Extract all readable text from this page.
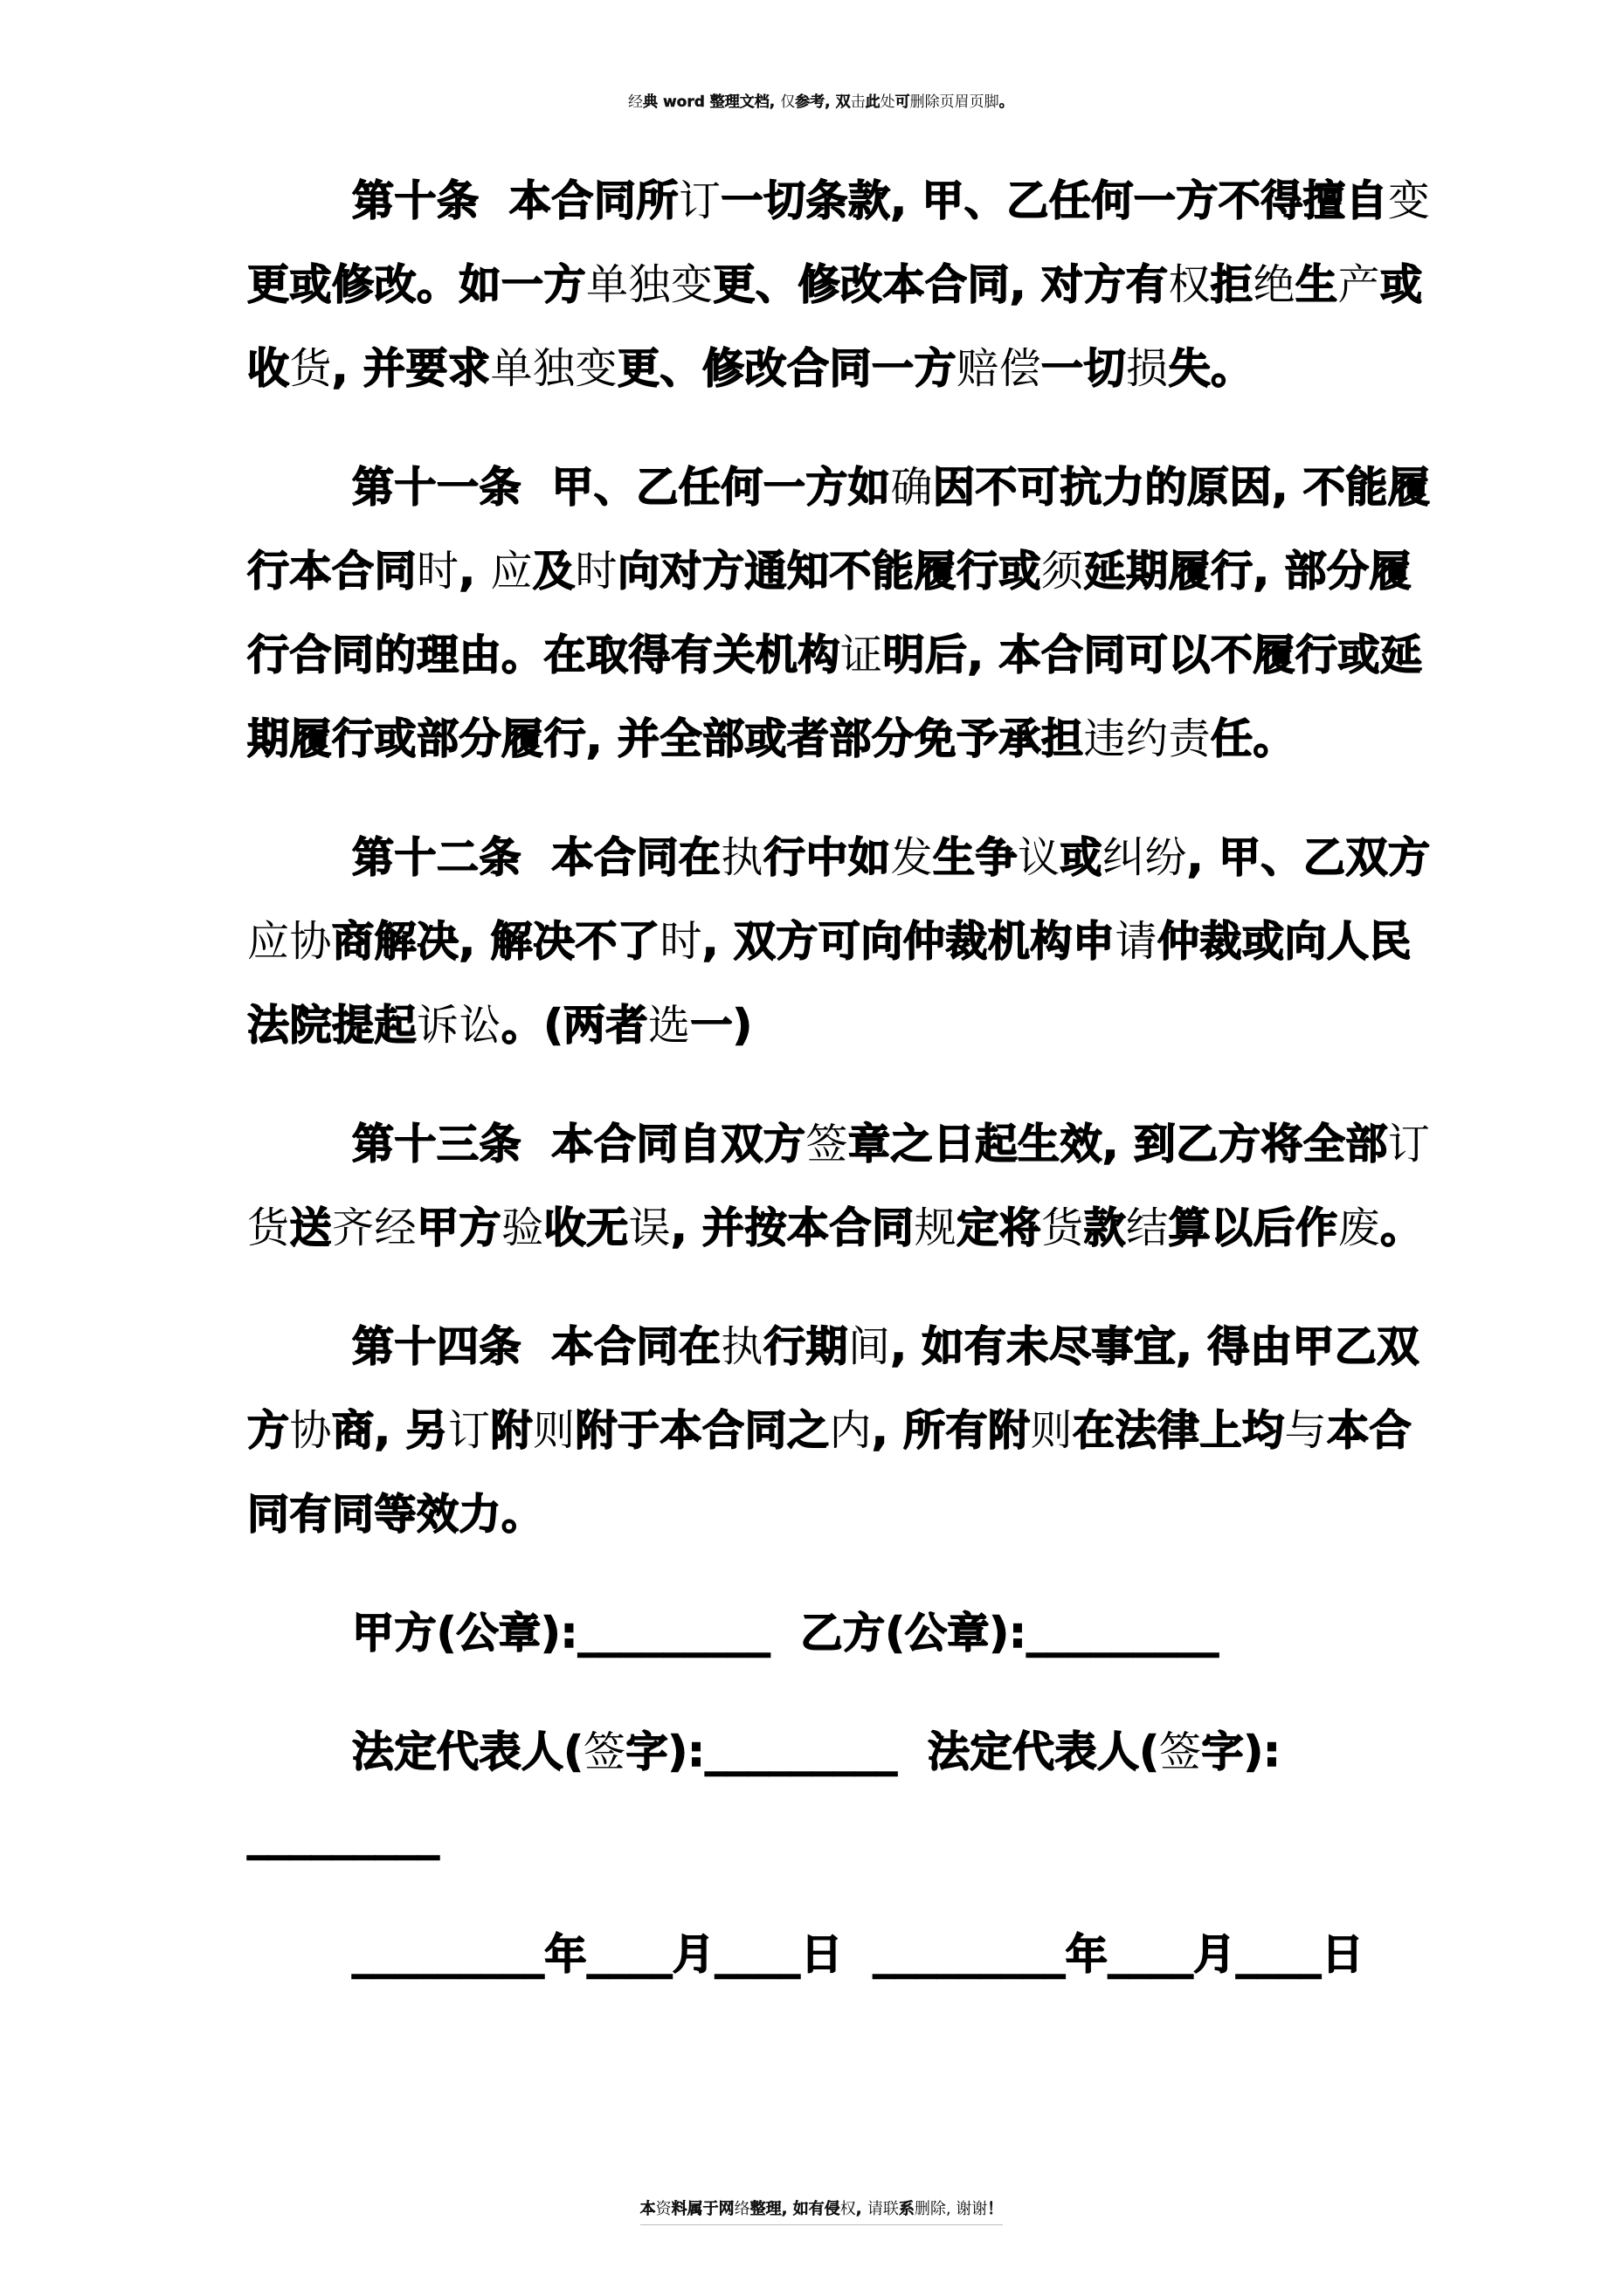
经典 word 整理文档, 仅参考, 双击此处可删除页眉页脚。

第十条  本合同所订一切条款, 甲、乙任何一方不得擅自变
更或修改。如一方单独变更、修改本合同, 对方有权拒绝生产或
收货, 并要求单独变更、修改合同一方赔偿一切损失。
第十一条  甲、乙任何一方如确因不可抗力的原因, 不能履
行本合同时, 应及时向对方通知不能履行或须延期履行, 部分履
行合同的理由。在取得有关机构证明后, 本合同可以不履行或延
期履行或部分履行, 并全部或者部分免予承担违约责任。
第十二条  本合同在执行中如发生争议或纠纷, 甲、乙双方
应协商解决, 解决不了时, 双方可向仲裁机构申请仲裁或向人民
法院提起诉讼。(两者选一)
第十三条  本合同自双方签章之日起生效, 到乙方将全部订
货送齐经甲方验收无误, 并按本合同规定将货款结算以后作废。
第十四条  本合同在执行期间, 如有未尽事宜, 得由甲乙双
方协商, 另订附则附于本合同之内, 所有附则在法律上均与本合
同有同等效力。
甲方(公章):_________  乙方(公章):_________
法定代表人(签字):_________  法定代表人(签字):
_________
_________年____月____日  _________年____月____日

本资料属于网络整理, 如有侵权, 请联系删除, 谢谢！
